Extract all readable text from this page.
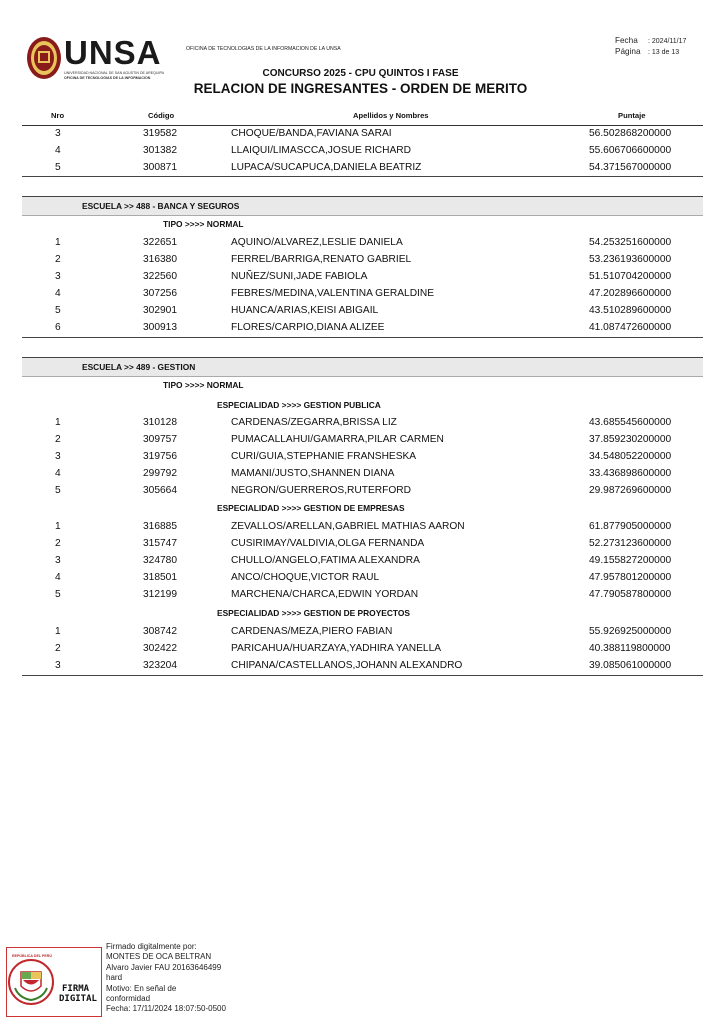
UNSA
UNIVERSIDAD NACIONAL DE SAN AGUSTIN DE AREQUIPA
OFICINA DE TECNOLOGIAS DE LA INFORMACION
OFICINA DE TECNOLOGIAS DE LA INFORMACION DE LA UNSA
Fecha : 2024/11/17
Página : 13 de 13
CONCURSO 2025 - CPU QUINTOS I FASE
RELACION DE INGRESANTES - ORDEN DE MERITO
Nro	Código	Apellidos y Nombres	Puntaje
3	319582	CHOQUE/BANDA,FAVIANA SARAI	56.502868200000
4	301382	LLAIQUI/LIMASCCA,JOSUE RICHARD	55.606706600000
5	300871	LUPACA/SUCAPUCA,DANIELA BEATRIZ	54.371567000000
ESCUELA >> 488 - BANCA Y SEGUROS
TIPO >>>> NORMAL
1	322651	AQUINO/ALVAREZ,LESLIE DANIELA	54.253251600000
2	316380	FERREL/BARRIGA,RENATO GABRIEL	53.236193600000
3	322560	NUÑEZ/SUNI,JADE FABIOLA	51.510704200000
4	307256	FEBRES/MEDINA,VALENTINA GERALDINE	47.202896600000
5	302901	HUANCA/ARIAS,KEISI ABIGAIL	43.510289600000
6	300913	FLORES/CARPIO,DIANA ALIZEE	41.087472600000
ESCUELA >> 489 - GESTION
TIPO >>>> NORMAL
ESPECIALIDAD >>>> GESTION PUBLICA
1	310128	CARDENAS/ZEGARRA,BRISSA LIZ	43.685545600000
2	309757	PUMACALLAHUI/GAMARRA,PILAR CARMEN	37.859230200000
3	319756	CURI/GUIA,STEPHANIE FRANSHESKA	34.548052200000
4	299792	MAMANI/JUSTO,SHANNEN DIANA	33.436898600000
5	305664	NEGRON/GUERREROS,RUTERFORD	29.987269600000
ESPECIALIDAD >>>> GESTION DE EMPRESAS
1	316885	ZEVALLOS/ARELLAN,GABRIEL MATHIAS AARON	61.877905000000
2	315747	CUSIRIMAY/VALDIVIA,OLGA FERNANDA	52.273123600000
3	324780	CHULLO/ANGELO,FATIMA ALEXANDRA	49.155827200000
4	318501	ANCO/CHOQUE,VICTOR RAUL	47.957801200000
5	312199	MARCHENA/CHARCA,EDWIN YORDAN	47.790587800000
ESPECIALIDAD >>>> GESTION DE PROYECTOS
1	308742	CARDENAS/MEZA,PIERO FABIAN	55.926925000000
2	302422	PARICAHUA/HUARZAYA,YADHIRA YANELLA	40.388119800000
3	323204	CHIPANA/CASTELLANOS,JOHANN ALEXANDRO	39.085061000000
REPÚBLICA DEL PERÚ
FIRMA
DIGITAL
Firmado digitalmente por:
MONTES DE OCA BELTRAN
Alvaro Javier FAU 20163646499
hard
Motivo: En señal de
conformidad
Fecha: 17/11/2024 18:07:50-0500
